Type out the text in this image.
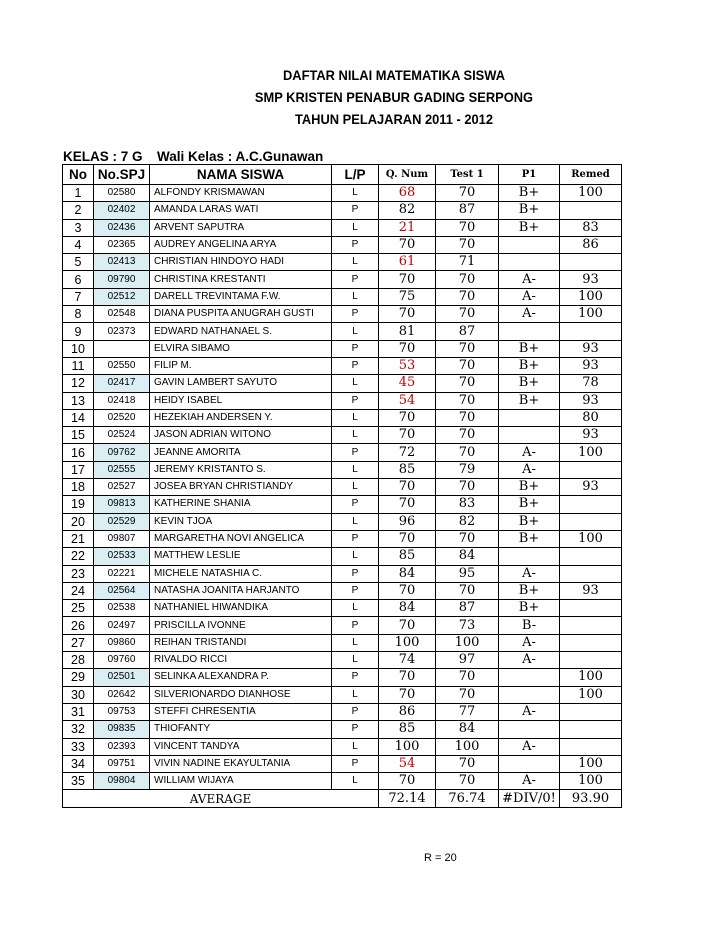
DAFTAR NILAI MATEMATIKA SISWA
SMP KRISTEN PENABUR GADING SERPONG
TAHUN PELAJARAN 2011 - 2012
KELAS : 7 G Wali Kelas : A.C.Gunawan
No	No.SPJ	NAMA SISWA	L/P	Q. Num	Test 1	P1	Remed
1	02580	ALFONDY KRISMAWAN	L	68	70	B+	100
2	02402	AMANDA LARAS WATI	P	82	87	B+	
3	02436	ARVENT SAPUTRA	L	21	70	B+	83
4	02365	AUDREY ANGELINA ARYA	P	70	70		86
5	02413	CHRISTIAN HINDOYO HADI	L	61	71		
6	09790	CHRISTINA KRESTANTI	P	70	70	A-	93
7	02512	DARELL TREVINTAMA F.W.	L	75	70	A-	100
8	02548	DIANA PUSPITA ANUGRAH GUSTI	P	70	70	A-	100
9	02373	EDWARD NATHANAEL S.	L	81	87		
10		ELVIRA SIBAMO	P	70	70	B+	93
11	02550	FILIP M.	P	53	70	B+	93
12	02417	GAVIN LAMBERT SAYUTO	L	45	70	B+	78
13	02418	HEIDY ISABEL	P	54	70	B+	93
14	02520	HEZEKIAH ANDERSEN Y.	L	70	70		80
15	02524	JASON ADRIAN WITONO	L	70	70		93
16	09762	JEANNE AMORITA	P	72	70	A-	100
17	02555	JEREMY KRISTANTO S.	L	85	79	A-	
18	02527	JOSEA BRYAN CHRISTIANDY	L	70	70	B+	93
19	09813	KATHERINE SHANIA	P	70	83	B+	
20	02529	KEVIN TJOA	L	96	82	B+	
21	09807	MARGARETHA NOVI ANGELICA	P	70	70	B+	100
22	02533	MATTHEW LESLIE	L	85	84		
23	02221	MICHELE NATASHIA C.	P	84	95	A-	
24	02564	NATASHA JOANITA HARJANTO	P	70	70	B+	93
25	02538	NATHANIEL HIWANDIKA	L	84	87	B+	
26	02497	PRISCILLA IVONNE	P	70	73	B-	
27	09860	REIHAN TRISTANDI	L	100	100	A-	
28	09760	RIVALDO RICCI	L	74	97	A-	
29	02501	SELINKA ALEXANDRA P.	P	70	70		100
30	02642	SILVERIONARDO DIANHOSE	L	70	70		100
31	09753	STEFFI CHRESENTIA	P	86	77	A-	
32	09835	THIOFANTY	P	85	84		
33	02393	VINCENT TANDYA	L	100	100	A-	
34	09751	VIVIN NADINE EKAYULTANIA	P	54	70		100
35	09804	WILLIAM WIJAYA	L	70	70	A-	100
AVERAGE				72.14	76.74	#DIV/0!	93.90
R = 20
